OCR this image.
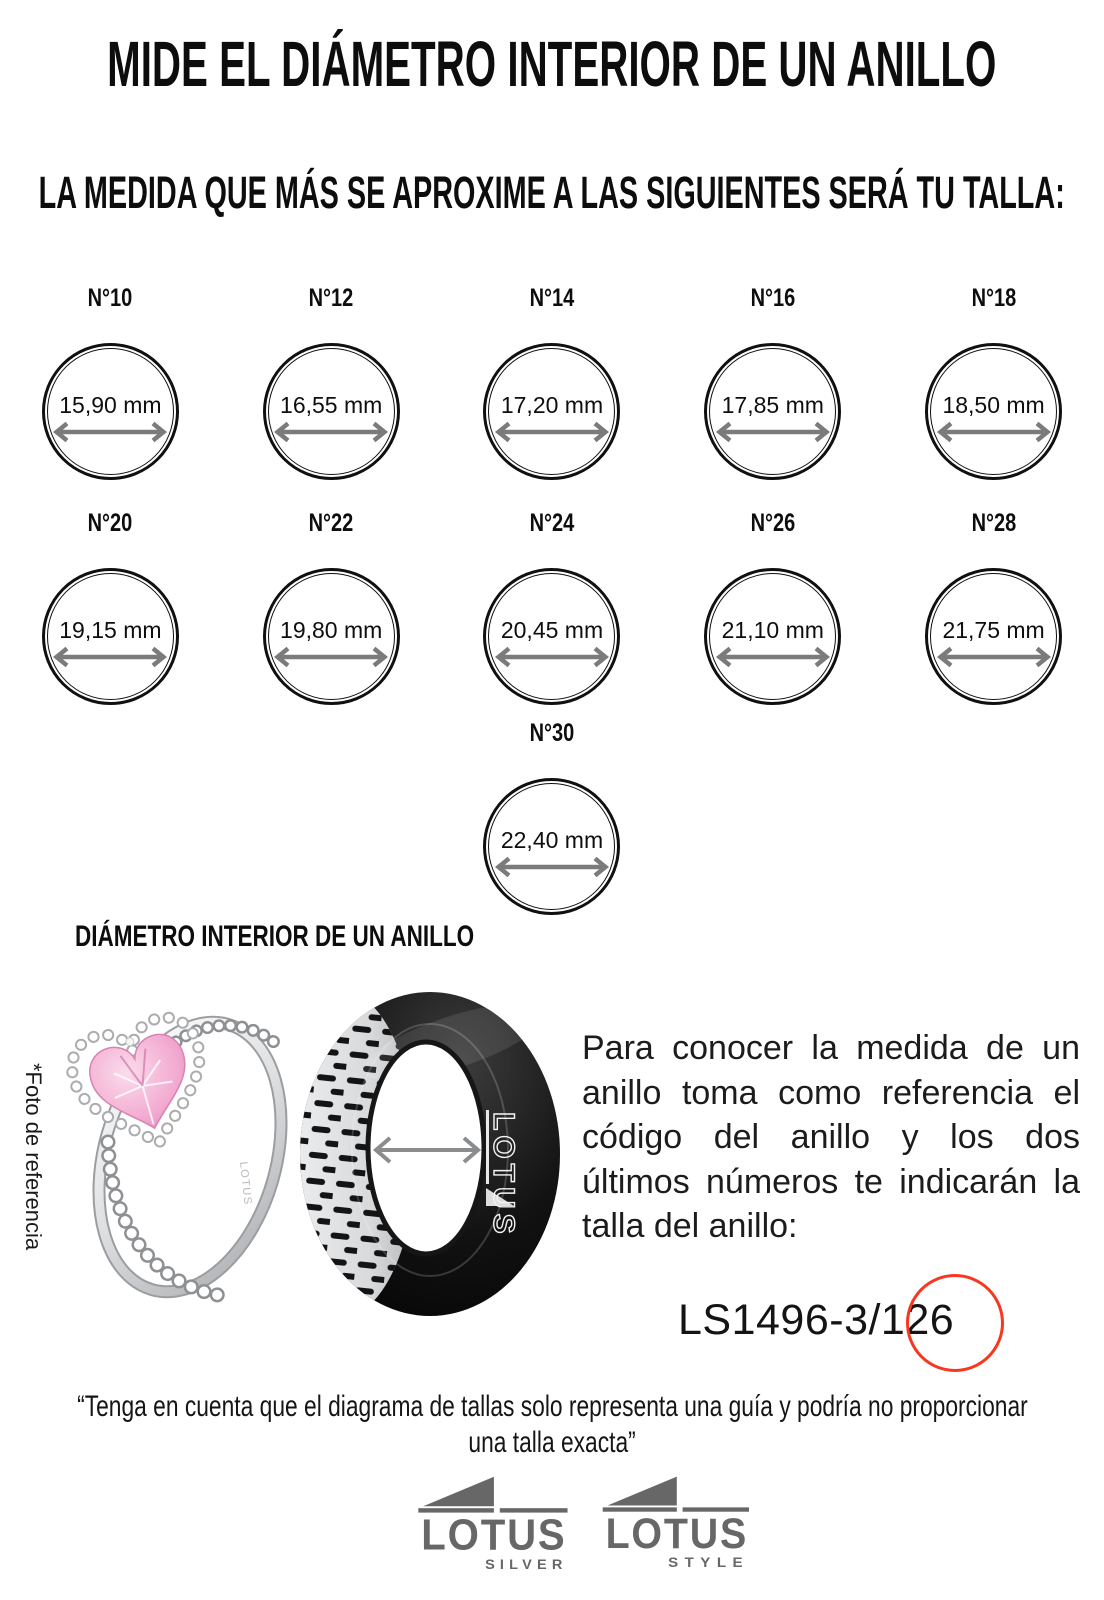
MIDE EL DIÁMETRO INTERIOR DE UN ANILLO
LA MEDIDA QUE MÁS SE APROXIME A LAS SIGUIENTES SERÁ TU TALLA:
N°10
15,90 mm
N°12
16,55 mm
N°14
17,20 mm
N°16
17,85 mm
N°18
18,50 mm
N°20
19,15 mm
N°22
19,80 mm
N°24
20,45 mm
N°26
21,10 mm
N°28
21,75 mm
N°30
22,40 mm
DIÁMETRO INTERIOR DE UN ANILLO
*Foto de referencia	LOTUS	LOTUS

Para conocer la medida de un anillo toma como referencia el código del anillo y los dos últimos números te indicarán la talla del anillo:

LS1496-3/126
“Tenga en cuenta que el diagrama de tallas solo representa una guía y podría no proporcionar
una talla exacta”
LOTUS
SILVER
LOTUS
STYLE
